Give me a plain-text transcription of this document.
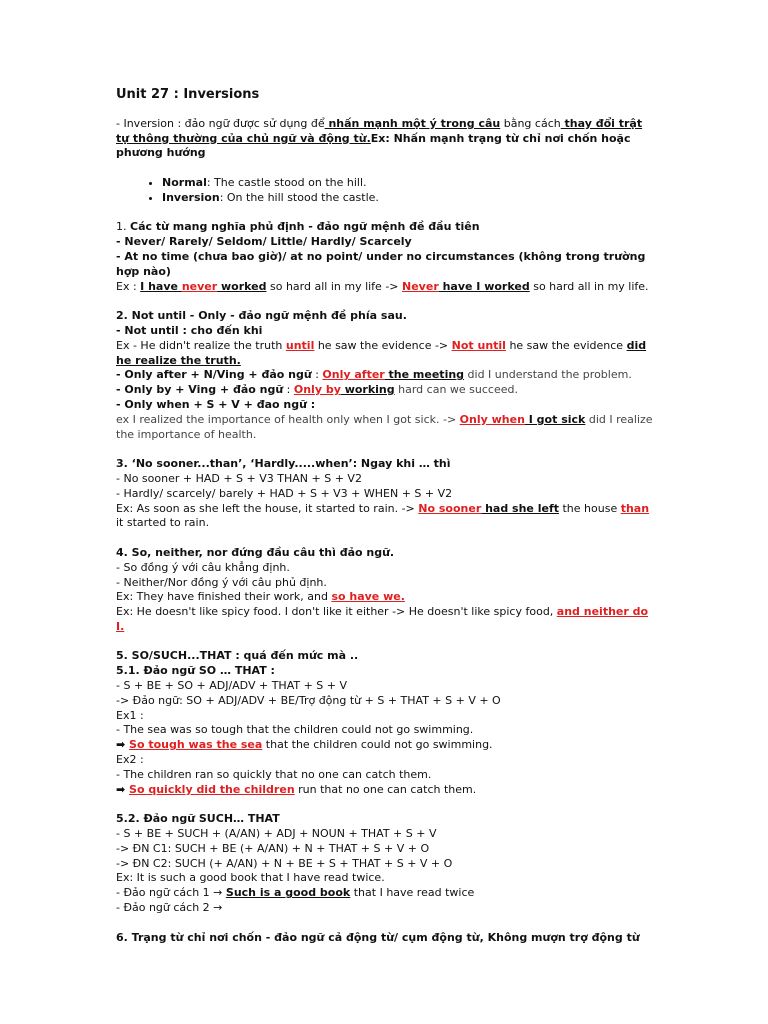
Unit 27 : Inversions

- Inversion : đảo ngữ được sử dụng để nhấn mạnh một ý trong câu bằng cách thay đổi trật tự thông thường của chủ ngữ và động từ.Ex: Nhấn mạnh trạng từ chỉ nơi chốn hoặc phương hướng

• Normal: The castle stood on the hill.
• Inversion: On the hill stood the castle.

1. Các từ mang nghĩa phủ định - đảo ngữ mệnh đề đầu tiên

- Never/ Rarely/ Seldom/ Little/ Hardly/ Scarcely

- At no time (chưa bao giờ)/ at no point/ under no circumstances (không trong trường hợp nào)

Ex : I have never worked so hard all in my life -> Never have I worked so hard all in my life.

2. Not until - Only - đảo ngữ mệnh đề phía sau.

- Not until : cho đến khi

Ex - He didn't realize the truth until he saw the evidence -> Not until he saw the evidence did he realize the truth.

- Only after + N/Ving + đảo ngữ : Only after the meeting did I understand the problem.

- Only by + Ving + đảo ngữ : Only by working hard can we succeed.

- Only when + S + V + đao ngữ :

ex I realized the importance of health only when I got sick. -> Only when I got sick did I realize the importance of health.

3. ‘No sooner...than’, ‘Hardly.....when’: Ngay khi … thì

- No sooner + HAD + S + V3 THAN + S + V2

- Hardly/ scarcely/ barely + HAD + S + V3 + WHEN + S + V2

Ex: As soon as she left the house, it started to rain. -> No sooner had she left the house than it started to rain.

4. So, neither, nor đứng đầu câu thì đảo ngữ.

- So đồng ý với câu khẳng định.

- Neither/Nor đồng ý với câu phủ định.

Ex: They have finished their work, and so have we.

Ex: He doesn't like spicy food. I don't like it either -> He doesn't like spicy food, and neither do I.

5. SO/SUCH...THAT : quá đến mức mà ..

5.1. Đảo ngữ SO … THAT :

- S + BE + SO + ADJ/ADV + THAT + S + V

-> Đảo ngữ: SO + ADJ/ADV + BE/Trợ động từ + S + THAT + S + V + O

Ex1 :

- The sea was so tough that the children could not go swimming.

➡ So tough was the sea that the children could not go swimming.

Ex2 :

- The children ran so quickly that no one can catch them.

➡ So quickly did the children run that no one can catch them.

5.2. Đảo ngữ SUCH… THAT

- S + BE + SUCH + (A/AN) + ADJ + NOUN + THAT + S + V

-> ĐN C1: SUCH + BE (+ A/AN) + N + THAT + S + V + O

-> ĐN C2: SUCH (+ A/AN) + N + BE + S + THAT + S + V + O

Ex: It is such a good book that I have read twice.

- Đảo ngữ cách 1 → Such is a good book that I have read twice

- Đảo ngữ cách 2 →

6. Trạng từ chỉ nơi chốn - đảo ngữ cả động từ/ cụm động từ, Không mượn trợ động từ
